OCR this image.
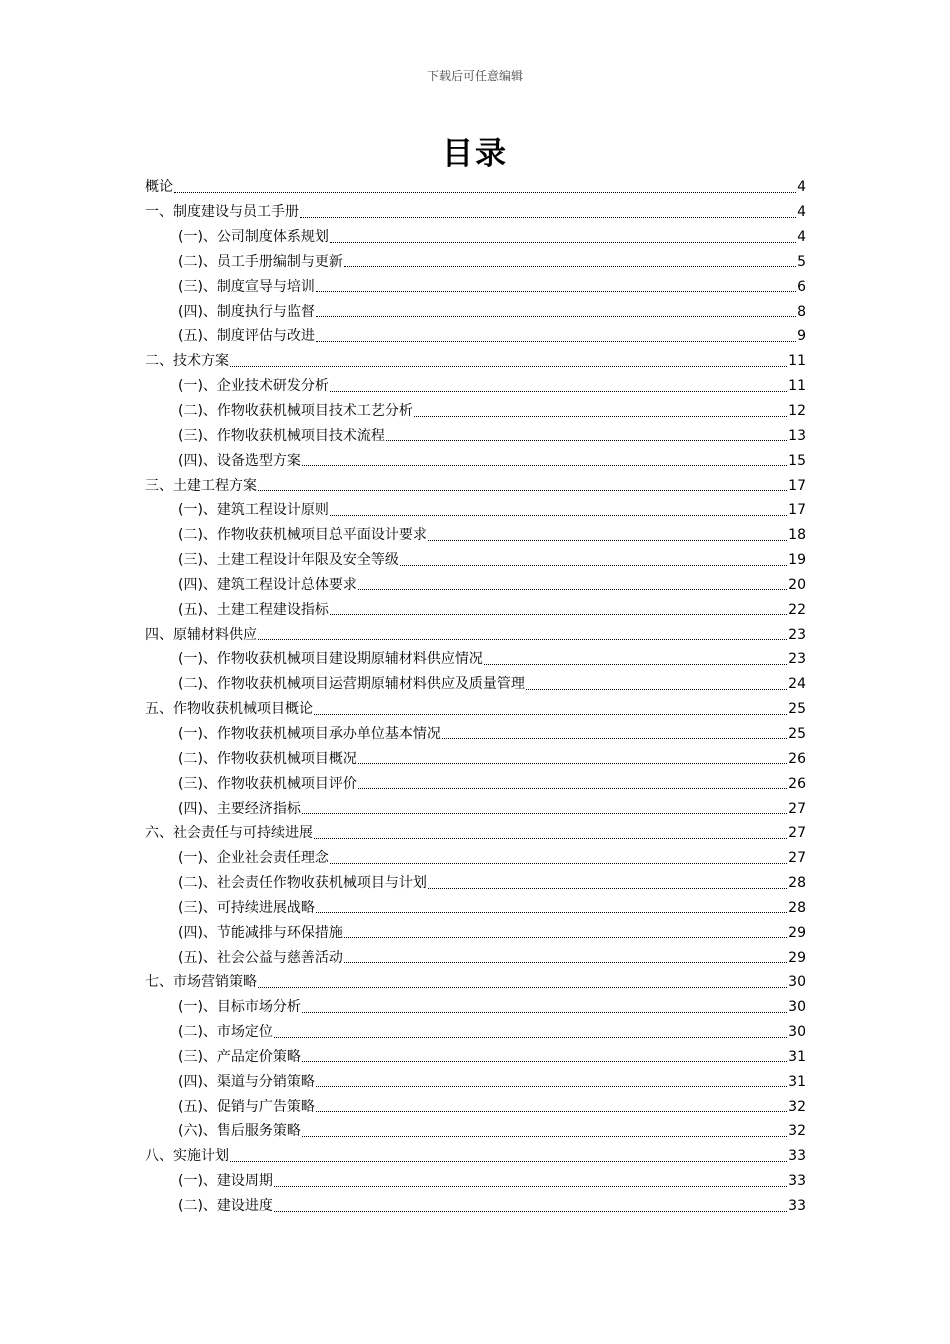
下载后可任意编辑
目录
概论	4
一、制度建设与员工手册	4
(一)、公司制度体系规划	4
(二)、员工手册编制与更新	5
(三)、制度宣导与培训	6
(四)、制度执行与监督	8
(五)、制度评估与改进	9
二、技术方案	11
(一)、企业技术研发分析	11
(二)、作物收获机械项目技术工艺分析	12
(三)、作物收获机械项目技术流程	13
(四)、设备选型方案	15
三、土建工程方案	17
(一)、建筑工程设计原则	17
(二)、作物收获机械项目总平面设计要求	18
(三)、土建工程设计年限及安全等级	19
(四)、建筑工程设计总体要求	20
(五)、土建工程建设指标	22
四、原辅材料供应	23
(一)、作物收获机械项目建设期原辅材料供应情况	23
(二)、作物收获机械项目运营期原辅材料供应及质量管理	24
五、作物收获机械项目概论	25
(一)、作物收获机械项目承办单位基本情况	25
(二)、作物收获机械项目概况	26
(三)、作物收获机械项目评价	26
(四)、主要经济指标	27
六、社会责任与可持续进展	27
(一)、企业社会责任理念	27
(二)、社会责任作物收获机械项目与计划	28
(三)、可持续进展战略	28
(四)、节能减排与环保措施	29
(五)、社会公益与慈善活动	29
七、市场营销策略	30
(一)、目标市场分析	30
(二)、市场定位	30
(三)、产品定价策略	31
(四)、渠道与分销策略	31
(五)、促销与广告策略	32
(六)、售后服务策略	32
八、实施计划	33
(一)、建设周期	33
(二)、建设进度	33
